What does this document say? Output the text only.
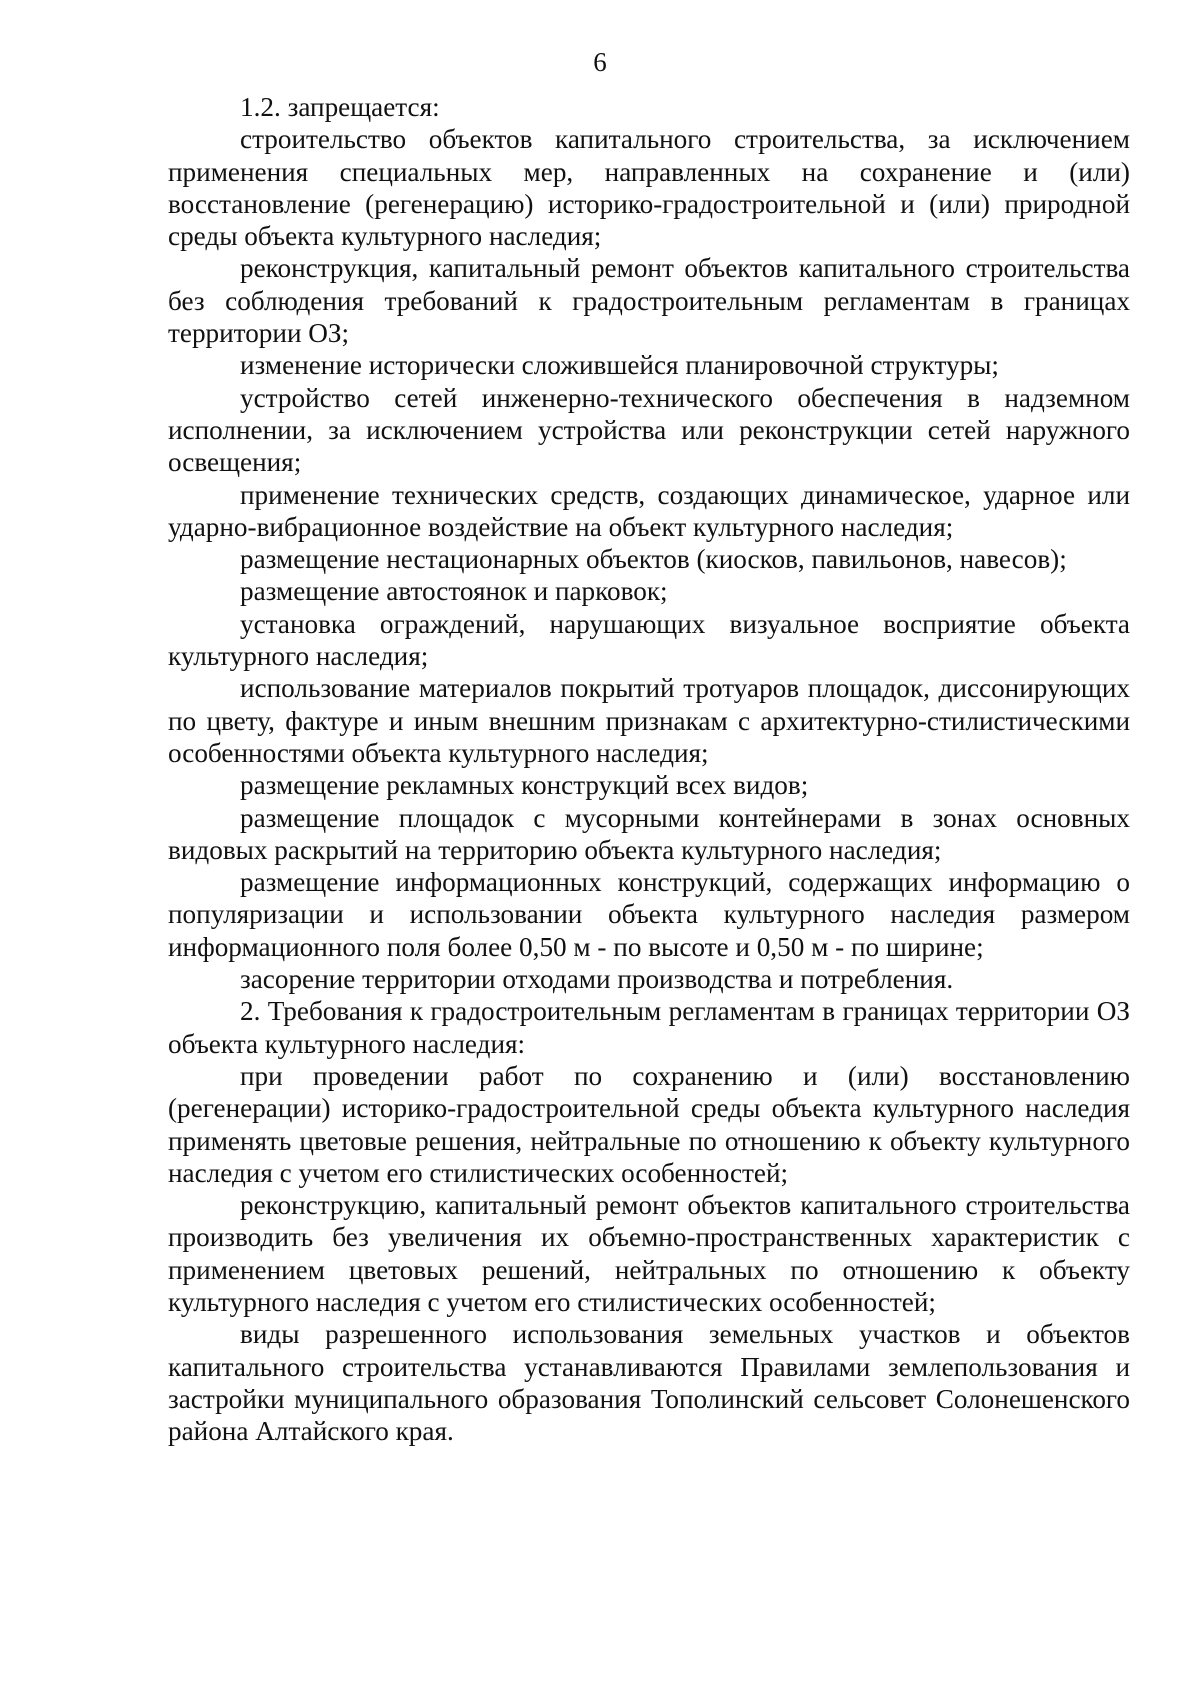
6

1.2. запрещается:

строительство объектов капитального строительства, за исключением применения специальных мер, направленных на сохранение и (или) восстановление (регенерацию) историко-градостроительной и (или) природной среды объекта культурного наследия;

реконструкция, капитальный ремонт объектов капитального строительства без соблюдения требований к градостроительным регламентам в границах территории ОЗ;

изменение исторически сложившейся планировочной структуры;

устройство сетей инженерно-технического обеспечения в надземном исполнении, за исключением устройства или реконструкции сетей наружного освещения;

применение технических средств, создающих динамическое, ударное или ударно-вибрационное воздействие на объект культурного наследия;

размещение нестационарных объектов (киосков, павильонов, навесов);

размещение автостоянок и парковок;

установка ограждений, нарушающих визуальное восприятие объекта культурного наследия;

использование материалов покрытий тротуаров площадок, диссонирующих по цвету, фактуре и иным внешним признакам с архитектурно-стилистическими особенностями объекта культурного наследия;

размещение рекламных конструкций всех видов;

размещение площадок с мусорными контейнерами в зонах основных видовых раскрытий на территорию объекта культурного наследия;

размещение информационных конструкций, содержащих информацию о популяризации и использовании объекта культурного наследия размером информационного поля более 0,50 м - по высоте и 0,50 м - по ширине;

засорение территории отходами производства и потребления.

2. Требования к градостроительным регламентам в границах территории ОЗ объекта культурного наследия:

при проведении работ по сохранению и (или) восстановлению (регенерации) историко-градостроительной среды объекта культурного наследия применять цветовые решения, нейтральные по отношению к объекту культурного наследия с учетом его стилистических особенностей;

реконструкцию, капитальный ремонт объектов капитального строительства производить без увеличения их объемно-пространственных характеристик с применением цветовых решений, нейтральных по отношению к объекту культурного наследия с учетом его стилистических особенностей;

виды разрешенного использования земельных участков и объектов капитального строительства устанавливаются Правилами землепользования и застройки муниципального образования Тополинский сельсовет Солонешенского района Алтайского края.
